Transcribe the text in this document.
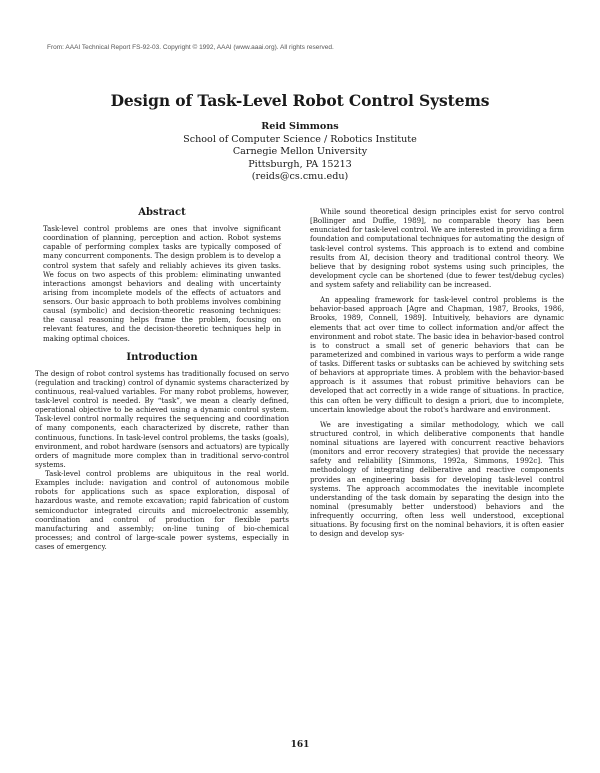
From: AAAI Technical Report FS-92-03. Copyright © 1992, AAAI (www.aaai.org). All rights reserved.
Design of Task-Level Robot Control Systems
Reid Simmons
School of Computer Science / Robotics Institute
Carnegie Mellon University
Pittsburgh, PA 15213
(reids@cs.cmu.edu)
Abstract

Task-level control problems are ones that involve significant coordination of planning, perception and action. Robot systems capable of performing complex tasks are typically composed of many concurrent components. The design problem is to develop a control system that safely and reliably achieves its given tasks. We focus on two aspects of this problem: eliminating unwanted interactions amongst behaviors and dealing with uncertainty arising from incomplete models of the effects of actuators and sensors. Our basic approach to both problems involves combining causal (symbolic) and decision-theoretic reasoning techniques: the causal reasoning helps frame the problem, focusing on relevant features, and the decision-theoretic techniques help in making optimal choices.

Introduction

The design of robot control systems has traditionally focused on servo (regulation and tracking) control of dynamic systems characterized by continuous, real-valued variables. For many robot problems, however, task-level control is needed. By “task”, we mean a clearly defined, operational objective to be achieved using a dynamic control system. Task-level control normally requires the sequencing and coordination of many components, each characterized by discrete, rather than continuous, functions. In task-level control problems, the tasks (goals), environment, and robot hardware (sensors and actuators) are typically orders of magnitude more complex than in traditional servo-control systems.

Task-level control problems are ubiquitous in the real world. Examples include: navigation and control of autonomous mobile robots for applications such as space exploration, disposal of hazardous waste, and remote excavation; rapid fabrication of custom semiconductor integrated circuits and microelectronic assembly, coordination and control of production for flexible parts manufacturing and assembly; on-line tuning of bio-chemical processes; and control of large-scale power systems, especially in cases of emergency.

While sound theoretical design principles exist for servo control [Bollinger and Duffie, 1989], no comparable theory has been enunciated for task-level control. We are interested in providing a firm foundation and computational techniques for automating the design of task-level control systems. This approach is to extend and combine results from AI, decision theory and traditional control theory. We believe that by designing robot systems using such principles, the development cycle can be shortened (due to fewer test/debug cycles) and system safety and reliability can be increased.

An appealing framework for task-level control problems is the behavior-based approach [Agre and Chapman, 1987, Brooks, 1986, Brooks, 1989, Connell, 1989]. Intuitively, behaviors are dynamic elements that act over time to collect information and/or affect the environment and robot state. The basic idea in behavior-based control is to construct a small set of generic behaviors that can be parameterized and combined in various ways to perform a wide range of tasks. Different tasks or subtasks can be achieved by switching sets of behaviors at appropriate times. A problem with the behavior-based approach is it assumes that robust primitive behaviors can be developed that act correctly in a wide range of situations. In practice, this can often be very difficult to design a priori, due to incomplete, uncertain knowledge about the robot's hardware and environment.

We are investigating a similar methodology, which we call structured control, in which deliberative components that handle nominal situations are layered with concurrent reactive behaviors (monitors and error recovery strategies) that provide the necessary safety and reliability [Simmons, 1992a, Simmons, 1992c]. This methodology of integrating deliberative and reactive components provides an engineering basis for developing task-level control systems. The approach accommodates the inevitable incomplete understanding of the task domain by separating the design into the nominal (presumably better understood) behaviors and the infrequently occurring, often less well understood, exceptional situations. By focusing first on the nominal behaviors, it is often easier to design and develop sys-

161
